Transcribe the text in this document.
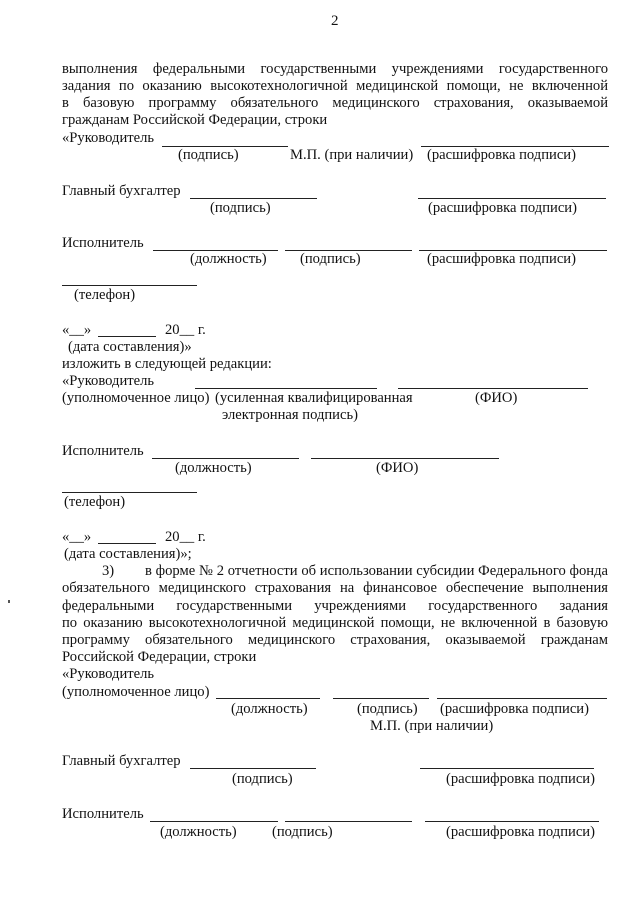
2
выполнения федеральными государственными учреждениями государственного
задания по оказанию высокотехнологичной медицинской помощи, не включенной
в базовую программу обязательного медицинского страхования, оказываемой
гражданам Российской Федерации, строки
«Руководитель
(подпись)	М.П. (при наличии) (расшифровка подписи)
Главный бухгалтер
(подпись)	(расшифровка подписи)
Исполнитель
(должность) (подпись)	(расшифровка подписи)
(телефон)
«__»	20__ г.
(дата составления)»
изложить в следующей редакции:
«Руководитель
(уполномоченное лицо) (усиленная квалифицированная	(ФИО)
электронная подпись)
Исполнитель
(должность)	(ФИО)
(телефон)
«__»	20__ г.
(дата составления)»;
3) в форме № 2 отчетности об использовании субсидии Федерального фонда
обязательного медицинского страхования на финансовое обеспечение выполнения
федеральными государственными учреждениями государственного задания
по оказанию высокотехнологичной медицинской помощи, не включенной в базовую
программу обязательного медицинского страхования, оказываемой гражданам
Российской Федерации, строки
«Руководитель
(уполномоченное лицо)
(должность)	(подпись) (расшифровка подписи)
М.П. (при наличии)
Главный бухгалтер
(подпись)	(расшифровка подписи)
Исполнитель
(должность) (подпись)	(расшифровка подписи)
